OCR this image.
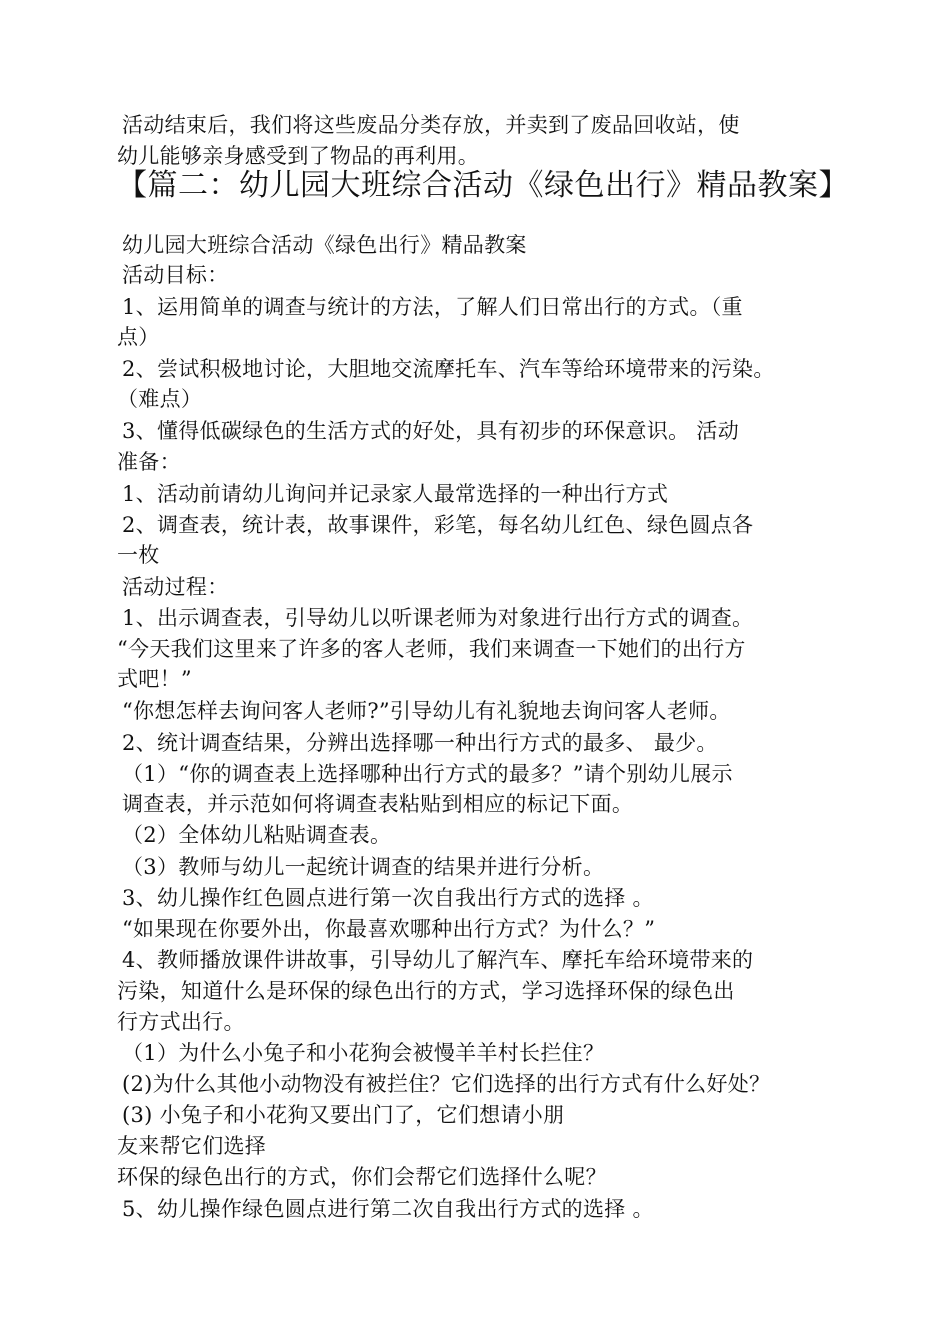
活动结束后，我们将这些废品分类存放，并卖到了废品回收站，使
幼儿能够亲身感受到了物品的再利用。
【篇二：幼儿园大班综合活动《绿色出行》精品教案】
幼儿园大班综合活动《绿色出行》精品教案
活动目标：
1、运用简单的调查与统计的方法，了解人们日常出行的方式。（重
点）
2、尝试积极地讨论，大胆地交流摩托车、汽车等给环境带来的污染。
（难点）
3、懂得低碳绿色的生活方式的好处，具有初步的环保意识。 活动
准备：
1、活动前请幼儿询问并记录家人最常选择的一种出行方式
2、调查表，统计表，故事课件，彩笔，每名幼儿红色、绿色圆点各
一枚
活动过程：
1、出示调查表，引导幼儿以听课老师为对象进行出行方式的调查。
“今天我们这里来了许多的客人老师，我们来调查一下她们的出行方
式吧！”
“你想怎样去询问客人老师?”引导幼儿有礼貌地去询问客人老师。
2、统计调查结果，分辨出选择哪一种出行方式的最多、 最少。
（1）“你的调查表上选择哪种出行方式的最多？”请个别幼儿展示
调查表，并示范如何将调查表粘贴到相应的标记下面。
（2）全体幼儿粘贴调查表。
（3）教师与幼儿一起统计调查的结果并进行分析。
3、幼儿操作红色圆点进行第一次自我出行方式的选择 。
“如果现在你要外出，你最喜欢哪种出行方式？为什么？”
4、教师播放课件讲故事，引导幼儿了解汽车、摩托车给环境带来的
污染，知道什么是环保的绿色出行的方式，学习选择环保的绿色出
行方式出行。
（1）为什么小兔子和小花狗会被慢羊羊村长拦住？
(2)为什么其他小动物没有被拦住？它们选择的出行方式有什么好处？
(3) 小兔子和小花狗又要出门了，它们想请小朋
友来帮它们选择
环保的绿色出行的方式，你们会帮它们选择什么呢？
5、幼儿操作绿色圆点进行第二次自我出行方式的选择 。
